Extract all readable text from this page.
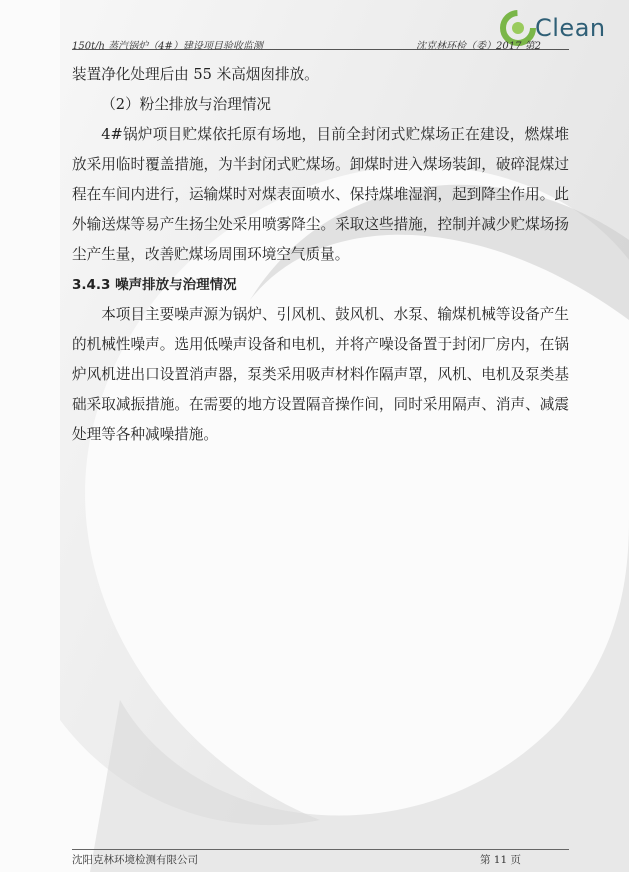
Clean
150t/h 蒸汽锅炉（4#）建设项目验收监测	沈克林环检（委）2017 第2

装置净化处理后由 55 米高烟囱排放。

（2）粉尘排放与治理情况

4#锅炉项目贮煤依托原有场地，目前全封闭式贮煤场正在建设，燃煤堆放采用临时覆盖措施，为半封闭式贮煤场。卸煤时进入煤场装卸，破碎混煤过程在车间内进行，运输煤时对煤表面喷水、保持煤堆湿润，起到降尘作用。此外输送煤等易产生扬尘处采用喷雾降尘。采取这些措施，控制并减少贮煤场扬尘产生量，改善贮煤场周围环境空气质量。

3.4.3 噪声排放与治理情况

本项目主要噪声源为锅炉、引风机、鼓风机、水泵、输煤机械等设备产生的机械性噪声。选用低噪声设备和电机，并将产噪设备置于封闭厂房内，在锅炉风机进出口设置消声器，泵类采用吸声材料作隔声罩，风机、电机及泵类基础采取减振措施。在需要的地方设置隔音操作间，同时采用隔声、消声、减震处理等各种减噪措施。

沈阳克林环境检测有限公司	第 11 页
